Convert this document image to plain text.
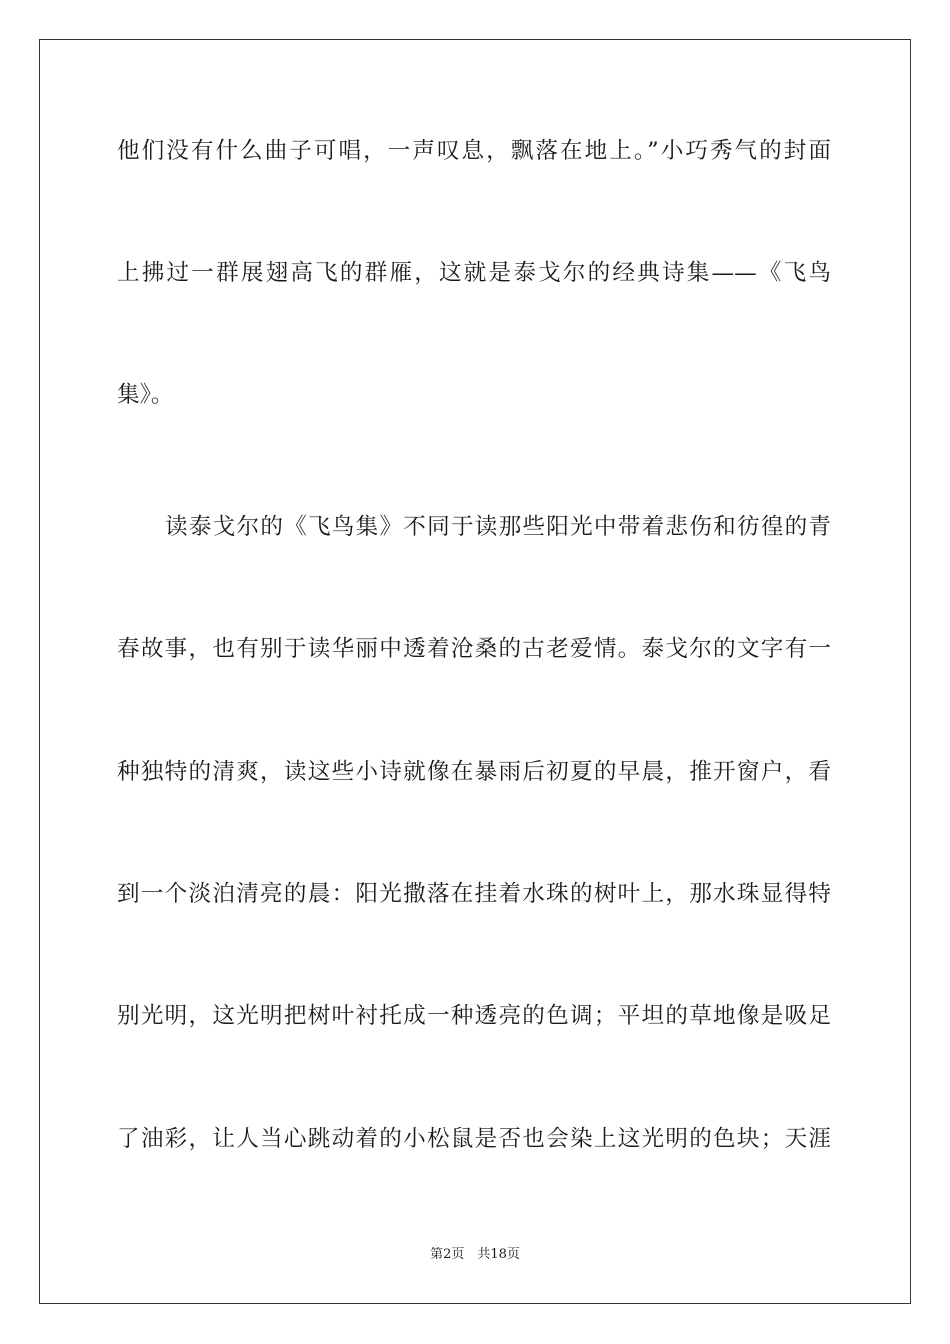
他们没有什么曲子可唱，一声叹息，飘落在地上。”小巧秀气的封面
上拂过一群展翅高飞的群雁，这就是泰戈尔的经典诗集——《飞鸟
集》。
读泰戈尔的《飞鸟集》不同于读那些阳光中带着悲伤和彷徨的青
春故事，也有别于读华丽中透着沧桑的古老爱情。泰戈尔的文字有一
种独特的清爽，读这些小诗就像在暴雨后初夏的早晨，推开窗户，看
到一个淡泊清亮的晨：阳光撒落在挂着水珠的树叶上，那水珠显得特
别光明，这光明把树叶衬托成一种透亮的色调；平坦的草地像是吸足
了油彩，让人当心跳动着的小松鼠是否也会染上这光明的色块；天涯
第2页　共18页
